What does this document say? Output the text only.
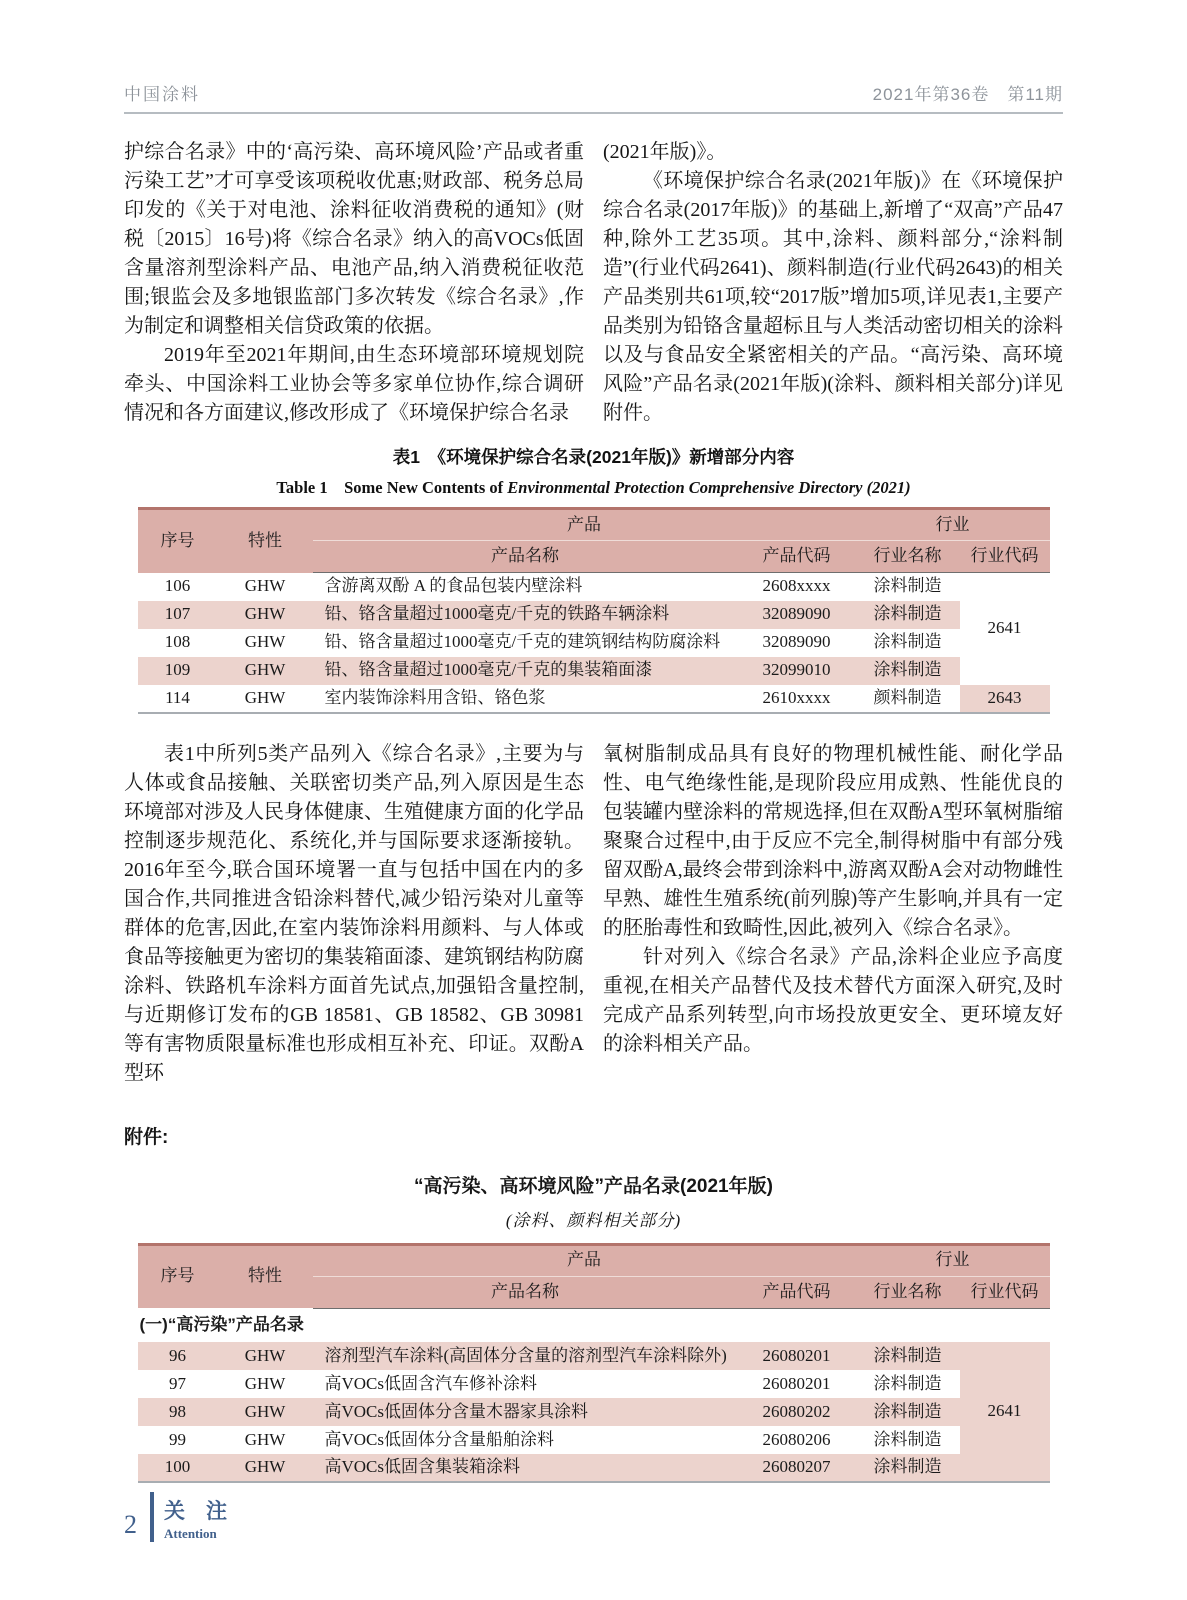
中国涂料	2021年第36卷　第11期

护综合名录》中的‘高污染、高环境风险’产品或者重污染工艺”才可享受该项税收优惠;财政部、税务总局印发的《关于对电池、涂料征收消费税的通知》(财税〔2015〕16号)将《综合名录》纳入的高VOCs低固含量溶剂型涂料产品、电池产品,纳入消费税征收范围;银监会及多地银监部门多次转发《综合名录》,作为制定和调整相关信贷政策的依据。

2019年至2021年期间,由生态环境部环境规划院牵头、中国涂料工业协会等多家单位协作,综合调研情况和各方面建议,修改形成了《环境保护综合名录

(2021年版)》。

《环境保护综合名录(2021年版)》在《环境保护综合名录(2017年版)》的基础上,新增了“双高”产品47种,除外工艺35项。其中,涂料、颜料部分,“涂料制造”(行业代码2641)、颜料制造(行业代码2643)的相关产品类别共61项,较“2017版”增加5项,详见表1,主要产品类别为铅铬含量超标且与人类活动密切相关的涂料以及与食品安全紧密相关的产品。“高污染、高环境风险”产品名录(2021年版)(涂料、颜料相关部分)详见附件。

表1　《环境保护综合名录(2021年版)》新增部分内容
Table 1　Some New Contents of Environmental Protection Comprehensive Directory (2021)
序号	特性	产品		行业	
		产品名称	产品代码	行业名称	行业代码
106	GHW	含游离双酚 A 的食品包装内壁涂料	2608xxxx	涂料制造	2641
107	GHW	铅、铬含量超过1000毫克/千克的铁路车辆涂料	32089090	涂料制造	
108	GHW	铅、铬含量超过1000毫克/千克的建筑钢结构防腐涂料	32089090	涂料制造	
109	GHW	铅、铬含量超过1000毫克/千克的集装箱面漆	32099010	涂料制造	
114	GHW	室内装饰涂料用含铅、铬色浆	2610xxxx	颜料制造	2643

表1中所列5类产品列入《综合名录》,主要为与人体或食品接触、关联密切类产品,列入原因是生态环境部对涉及人民身体健康、生殖健康方面的化学品控制逐步规范化、系统化,并与国际要求逐渐接轨。2016年至今,联合国环境署一直与包括中国在内的多国合作,共同推进含铅涂料替代,减少铅污染对儿童等群体的危害,因此,在室内装饰涂料用颜料、与人体或食品等接触更为密切的集装箱面漆、建筑钢结构防腐涂料、铁路机车涂料方面首先试点,加强铅含量控制,与近期修订发布的GB 18581、GB 18582、GB 30981等有害物质限量标准也形成相互补充、印证。双酚A型环

氧树脂制成品具有良好的物理机械性能、耐化学品性、电气绝缘性能,是现阶段应用成熟、性能优良的包装罐内壁涂料的常规选择,但在双酚A型环氧树脂缩聚聚合过程中,由于反应不完全,制得树脂中有部分残留双酚A,最终会带到涂料中,游离双酚A会对动物雌性早熟、雄性生殖系统(前列腺)等产生影响,并具有一定的胚胎毒性和致畸性,因此,被列入《综合名录》。

针对列入《综合名录》产品,涂料企业应予高度重视,在相关产品替代及技术替代方面深入研究,及时完成产品系列转型,向市场投放更安全、更环境友好的涂料相关产品。

附件:
“高污染、高环境风险”产品名录(2021年版)
(涂料、颜料相关部分)
序号	特性	产品		行业	
		产品名称	产品代码	行业名称	行业代码
(一)“高污染”产品名录					
96	GHW	溶剂型汽车涂料(高固体分含量的溶剂型汽车涂料除外)	26080201	涂料制造	2641
97	GHW	高VOCs低固含汽车修补涂料	26080201	涂料制造	
98	GHW	高VOCs低固体分含量木器家具涂料	26080202	涂料制造	
99	GHW	高VOCs低固体分含量船舶涂料	26080206	涂料制造	
100	GHW	高VOCs低固含集装箱涂料	26080207	涂料制造	
2 关　注
Attention
